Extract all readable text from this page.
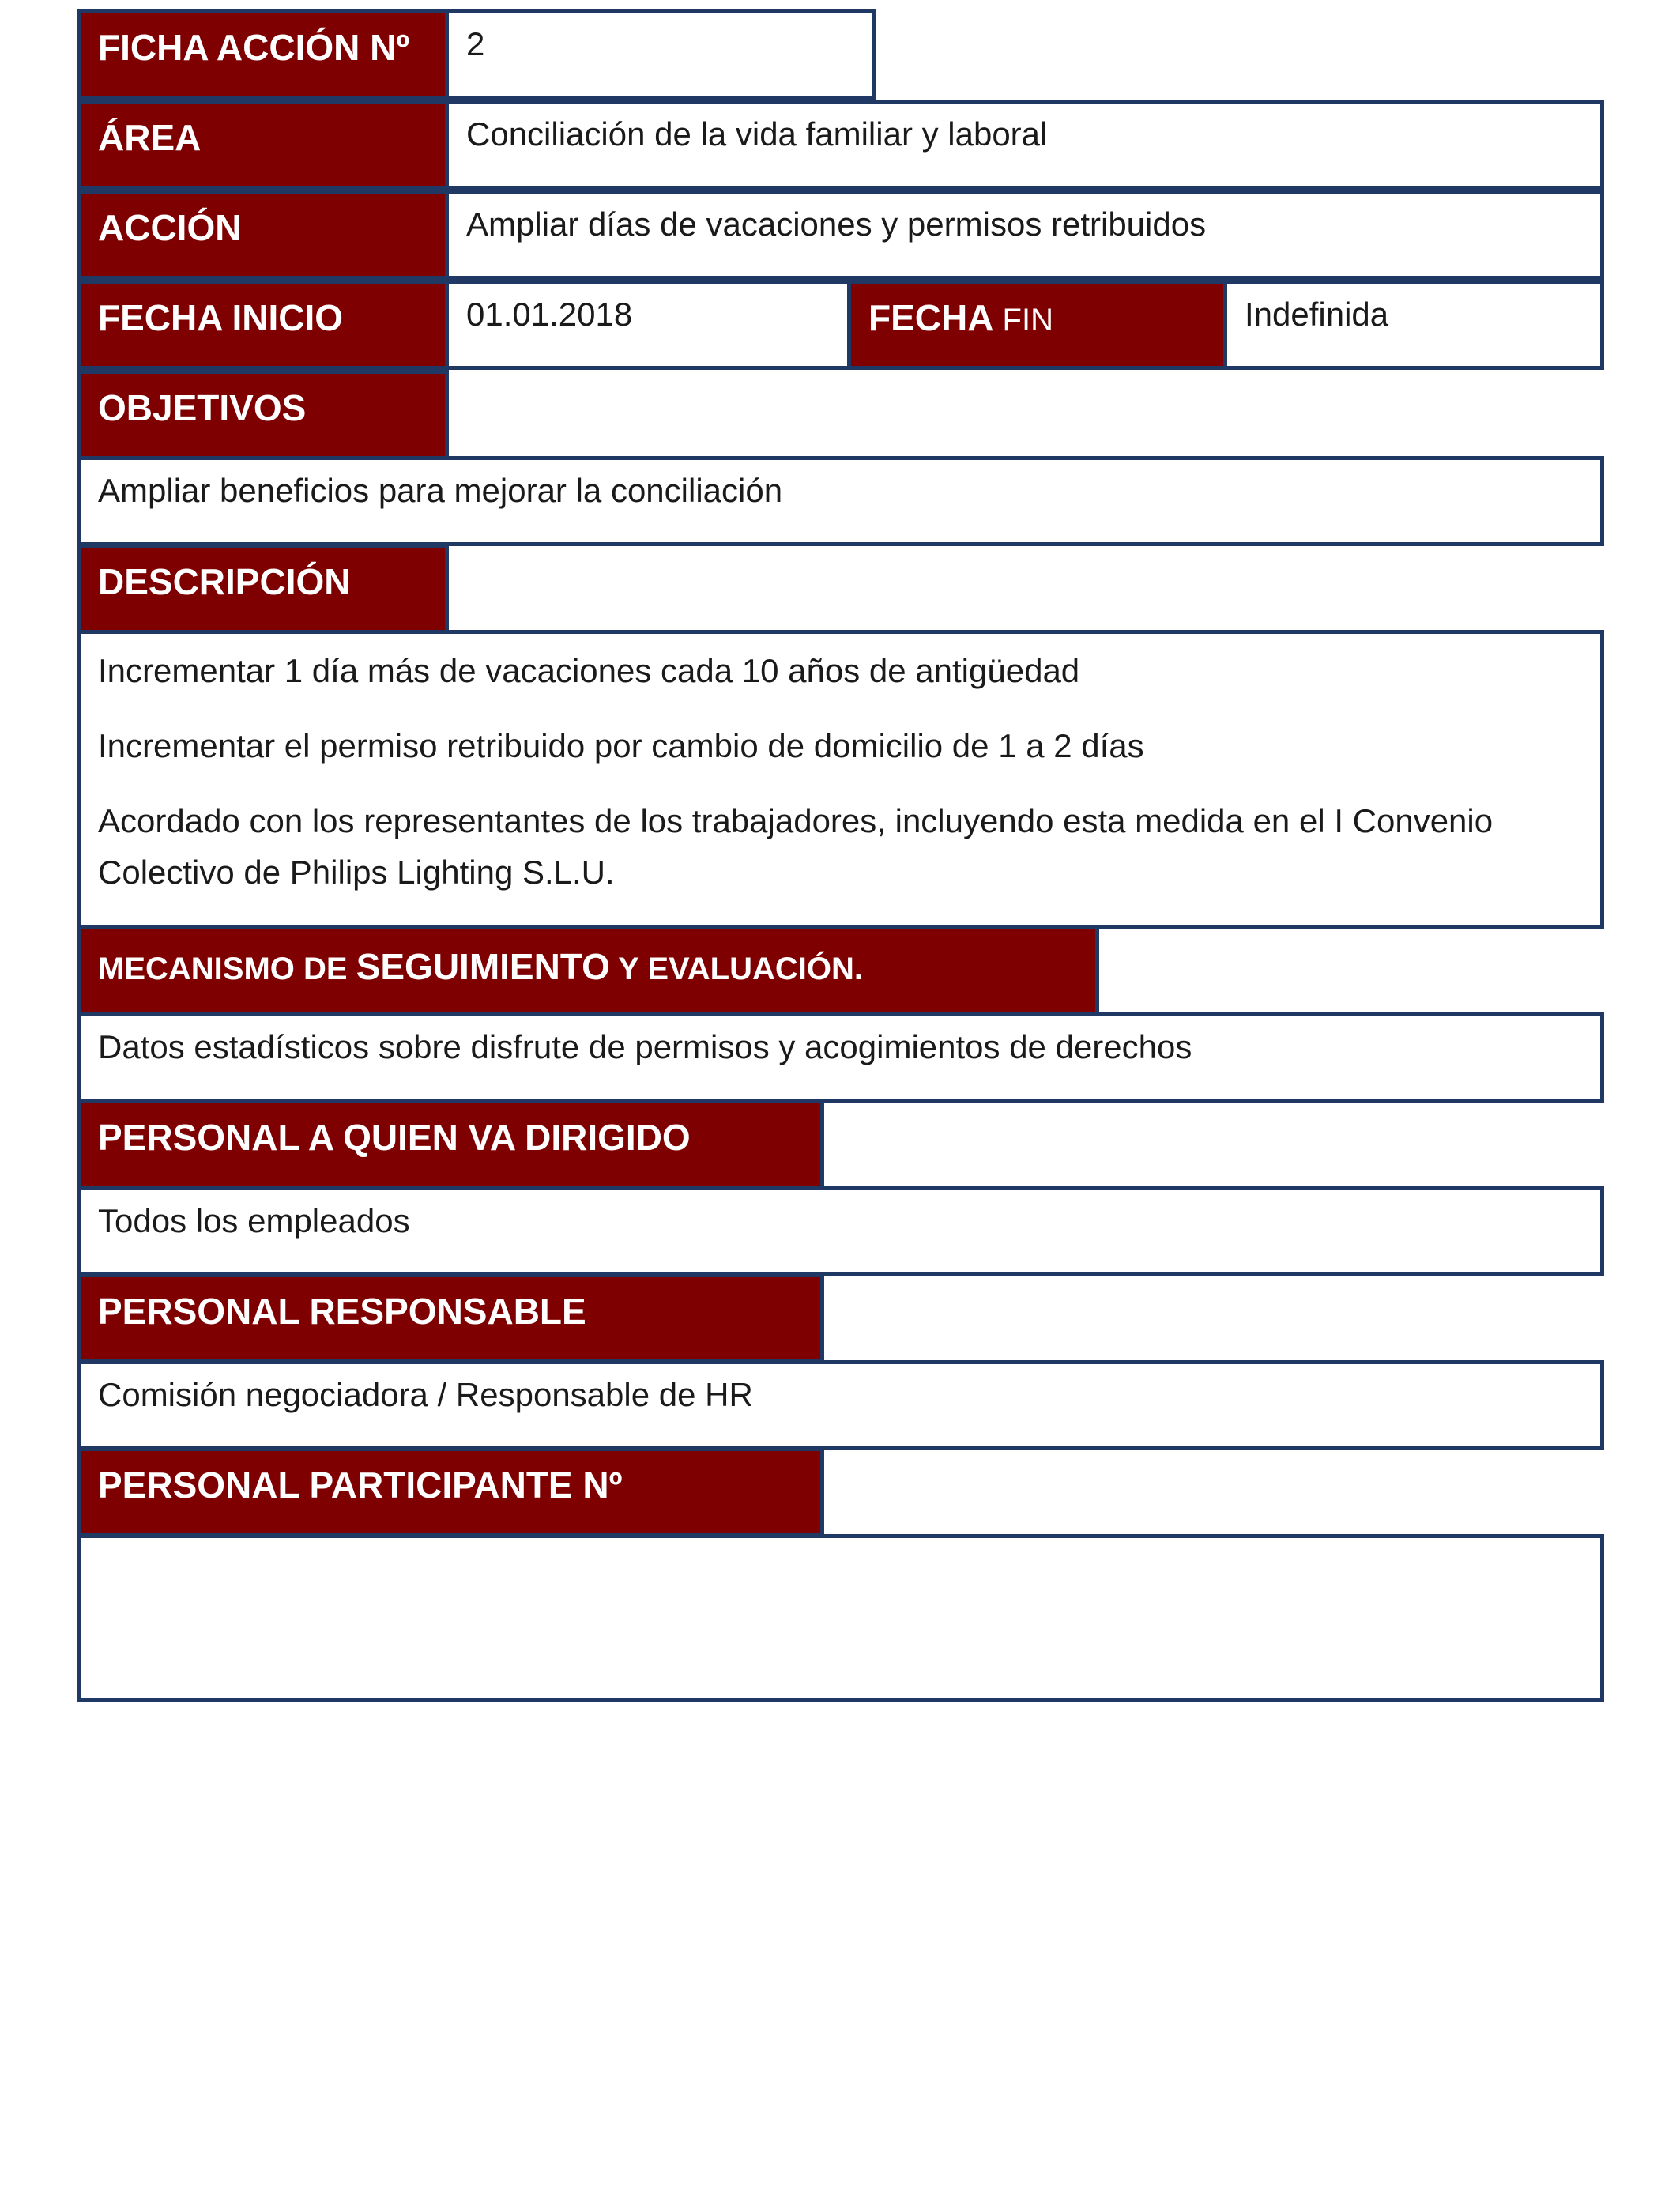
FICHA ACCIÓN Nº	2
ÁREA	Conciliación de la vida familiar y laboral
ACCIÓN	Ampliar días de vacaciones y permisos retribuidos
FECHA INICIO	01.01.2018	FECHA FIN	Indefinida
OBJETIVOS
Ampliar beneficios para mejorar la conciliación
DESCRIPCIÓN

Incrementar 1 día más de vacaciones cada 10 años de antigüedad

Incrementar el permiso retribuido por cambio de domicilio de 1 a 2 días

Acordado con los representantes de los trabajadores, incluyendo esta medida en el I Convenio Colectivo de Philips Lighting S.L.U.

MECANISMO DE SEGUIMIENTO Y EVALUACIÓN.
Datos estadísticos sobre disfrute de permisos y acogimientos de derechos
PERSONAL A QUIEN VA DIRIGIDO
Todos los empleados
PERSONAL RESPONSABLE
Comisión negociadora / Responsable de HR
PERSONAL PARTICIPANTE Nº
